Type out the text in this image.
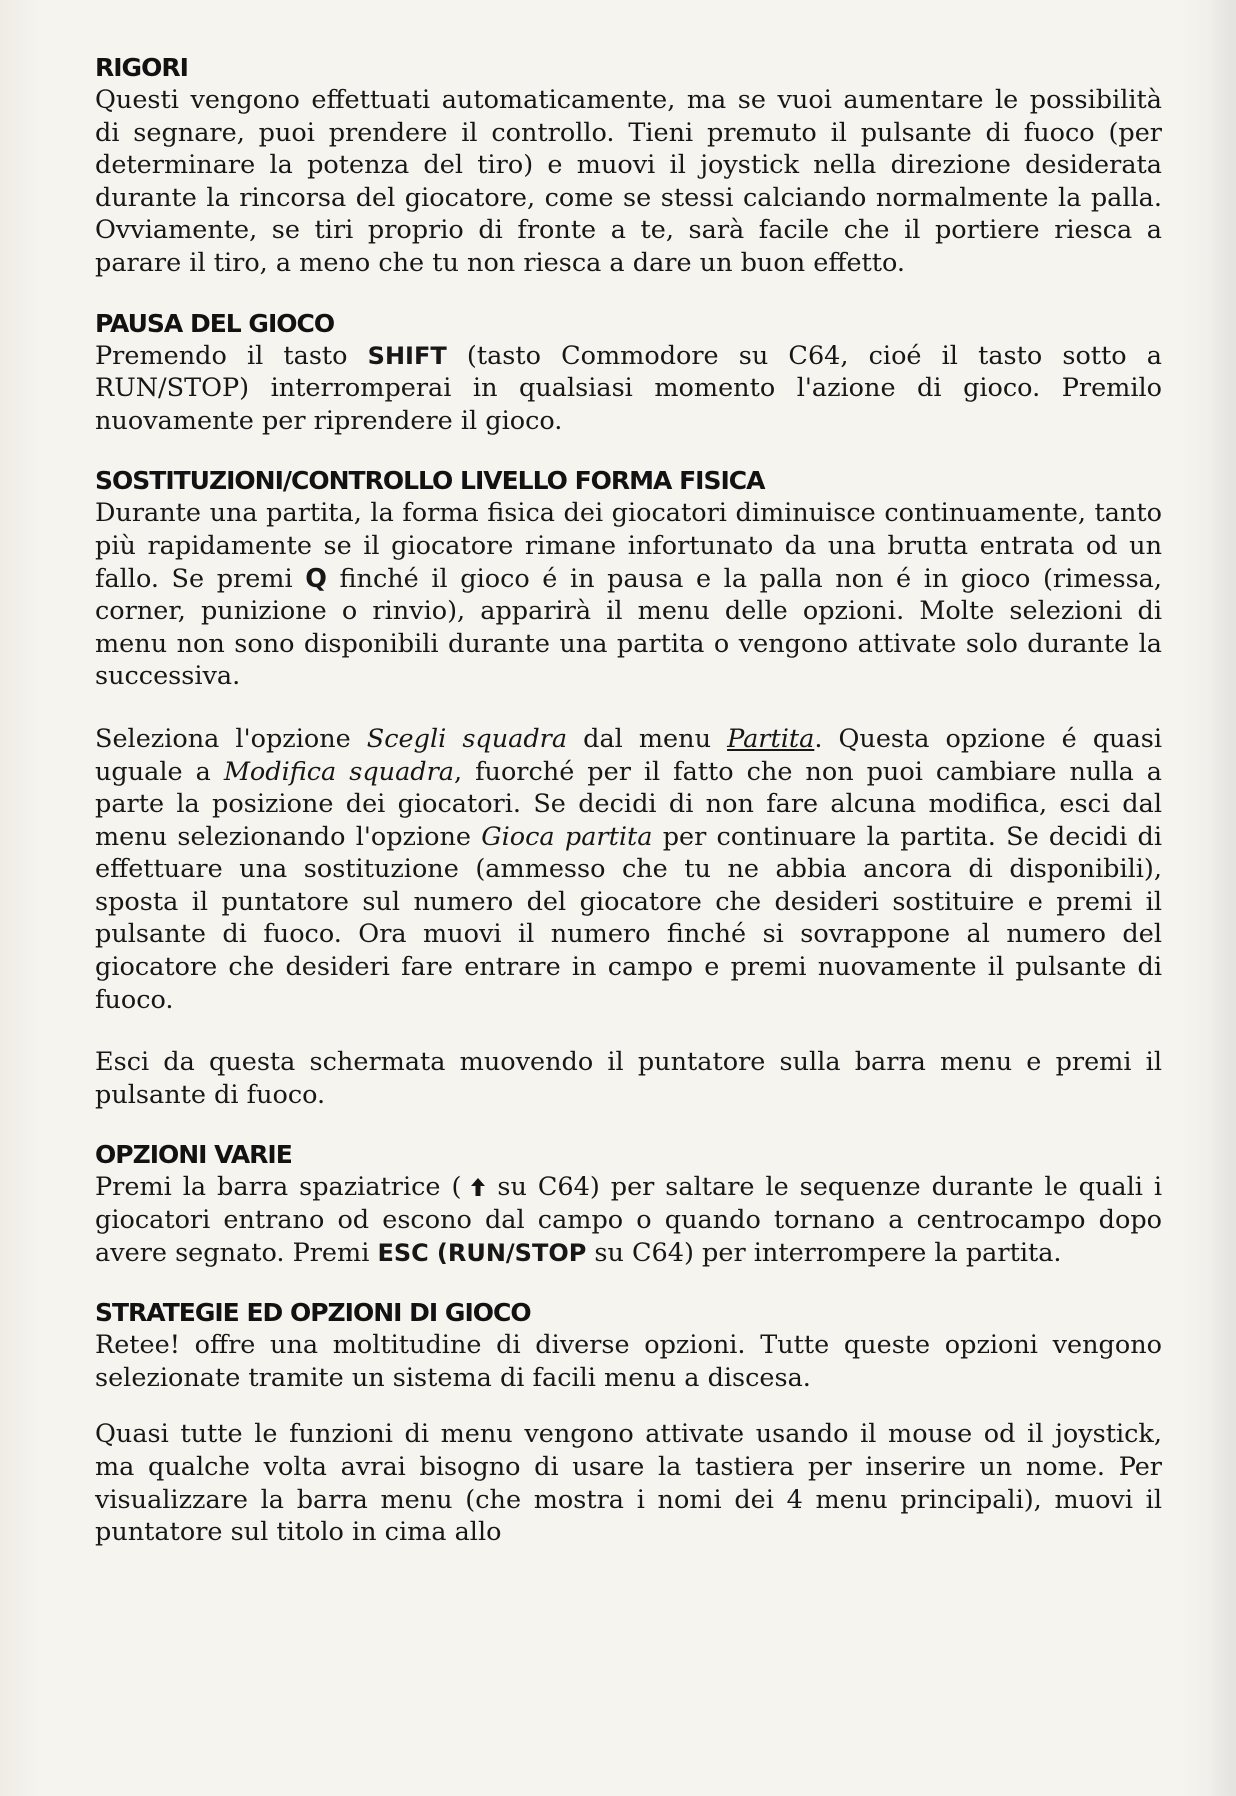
RIGORI

Questi vengono effettuati automaticamente, ma se vuoi aumentare le possibilità di segnare, puoi prendere il controllo. Tieni premuto il pulsante di fuoco (per determinare la potenza del tiro) e muovi il joystick nella direzione desiderata durante la rincorsa del giocatore, come se stessi calciando normalmente la palla. Ovviamente, se tiri proprio di fronte a te, sarà facile che il portiere riesca a parare il tiro, a meno che tu non riesca a dare un buon effetto.

PAUSA DEL GIOCO

Premendo il tasto SHIFT (tasto Commodore su C64, cioé il tasto sotto a RUN/STOP) interromperai in qualsiasi momento l'azione di gioco. Premilo nuovamente per riprendere il gioco.

SOSTITUZIONI/CONTROLLO LIVELLO FORMA FISICA

Durante una partita, la forma fisica dei giocatori diminuisce continuamente, tanto più rapidamente se il giocatore rimane infortunato da una brutta entrata od un fallo. Se premi Q finché il gioco é in pausa e la palla non é in gioco (rimessa, corner, punizione o rinvio), apparirà il menu delle opzioni. Molte selezioni di menu non sono disponibili durante una partita o vengono attivate solo durante la successiva.

Seleziona l'opzione Scegli squadra dal menu Partita. Questa opzione é quasi uguale a Modifica squadra, fuorché per il fatto che non puoi cambiare nulla a parte la posizione dei giocatori. Se decidi di non fare alcuna modifica, esci dal menu selezionando l'opzione Gioca partita per continuare la partita. Se decidi di effettuare una sostituzione (ammesso che tu ne abbia ancora di disponibili), sposta il puntatore sul numero del giocatore che desideri sostituire e premi il pulsante di fuoco. Ora muovi il numero finché si sovrappone al numero del giocatore che desideri fare entrare in campo e premi nuovamente il pulsante di fuoco.

Esci da questa schermata muovendo il puntatore sulla barra menu e premi il pulsante di fuoco.

OPZIONI VARIE

Premi la barra spaziatrice ( su C64) per saltare le sequenze durante le quali i giocatori entrano od escono dal campo o quando tornano a centrocampo dopo avere segnato. Premi ESC (RUN/STOP su C64) per interrompere la partita.

STRATEGIE ED OPZIONI DI GIOCO

Retee! offre una moltitudine di diverse opzioni. Tutte queste opzioni vengono selezionate tramite un sistema di facili menu a discesa.

Quasi tutte le funzioni di menu vengono attivate usando il mouse od il joystick, ma qualche volta avrai bisogno di usare la tastiera per inserire un nome. Per visualizzare la barra menu (che mostra i nomi dei 4 menu principali), muovi il puntatore sul titolo in cima allo
